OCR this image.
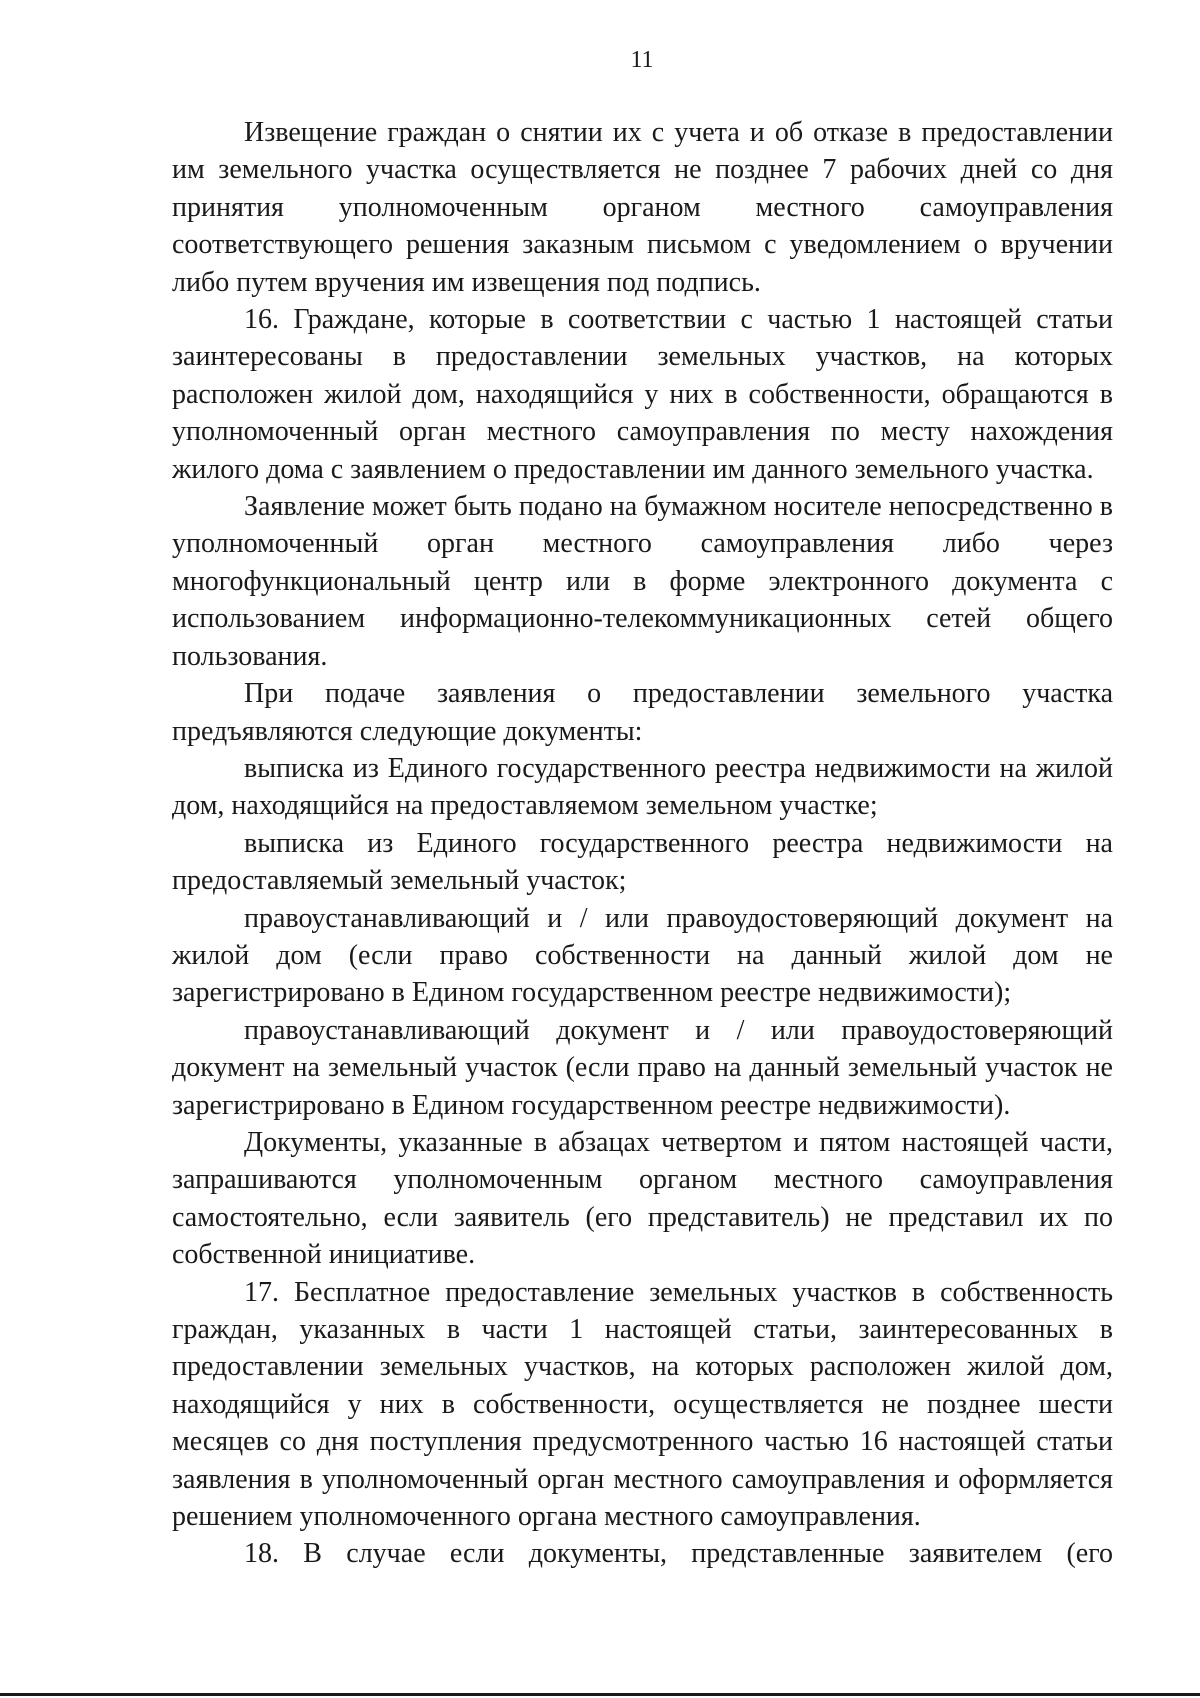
11

Извещение граждан о снятии их с учета и об отказе в предоставлении им земельного участка осуществляется не позднее 7 рабочих дней со дня принятия уполномоченным органом местного самоуправления соответствующего решения заказным письмом с уведомлением о вручении либо путем вручения им извещения под подпись.

16. Граждане, которые в соответствии с частью 1 настоящей статьи заинтересованы в предоставлении земельных участков, на которых расположен жилой дом, находящийся у них в собственности, обращаются в уполномоченный орган местного самоуправления по месту нахождения жилого дома с заявлением о предоставлении им данного земельного участка.

Заявление может быть подано на бумажном носителе непосредственно в уполномоченный орган местного самоуправления либо через многофункциональный центр или в форме электронного документа с использованием информационно-телекоммуникационных сетей общего пользования.

При подаче заявления о предоставлении земельного участка предъявляются следующие документы:

выписка из Единого государственного реестра недвижимости на жилой дом, находящийся на предоставляемом земельном участке;

выписка из Единого государственного реестра недвижимости на предоставляемый земельный участок;

правоустанавливающий и / или правоудостоверяющий документ на жилой дом (если право собственности на данный жилой дом не зарегистрировано в Едином государственном реестре недвижимости);

правоустанавливающий документ и / или правоудостоверяющий документ на земельный участок (если право на данный земельный участок не зарегистрировано в Едином государственном реестре недвижимости).

Документы, указанные в абзацах четвертом и пятом настоящей части, запрашиваются уполномоченным органом местного самоуправления самостоятельно, если заявитель (его представитель) не представил их по собственной инициативе.

17. Бесплатное предоставление земельных участков в собственность граждан, указанных в части 1 настоящей статьи, заинтересованных в предоставлении земельных участков, на которых расположен жилой дом, находящийся у них в собственности, осуществляется не позднее шести месяцев со дня поступления предусмотренного частью 16 настоящей статьи заявления в уполномоченный орган местного самоуправления и оформляется решением уполномоченного органа местного самоуправления.

18. В случае если документы, представленные заявителем (его
